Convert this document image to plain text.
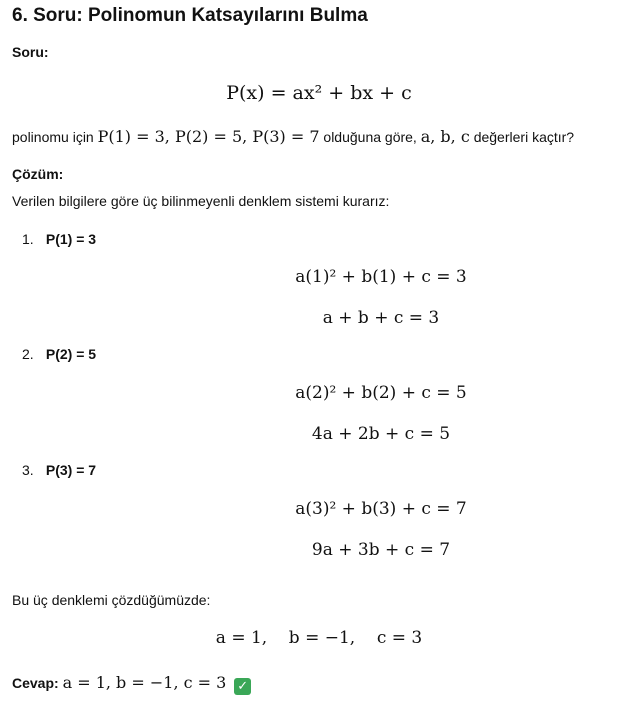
6. Soru: Polinomun Katsayılarını Bulma
Soru:
P(x) = ax² + bx + c
polinomu için P(1) = 3, P(2) = 5, P(3) = 7 olduğuna göre, a, b, c değerleri kaçtır?
Çözüm:
Verilen bilgilere göre üç bilinmeyenli denklem sistemi kurarız:
1. P(1) = 3
a(1)² + b(1) + c = 3
a + b + c = 3
2. P(2) = 5
a(2)² + b(2) + c = 5
4a + 2b + c = 5
3. P(3) = 7
a(3)² + b(3) + c = 7
9a + 3b + c = 7
Bu üç denklemi çözdüğümüzde:
a = 1,    b = −1,    c = 3
Cevap: a = 1, b = −1, c = 3 ✓
